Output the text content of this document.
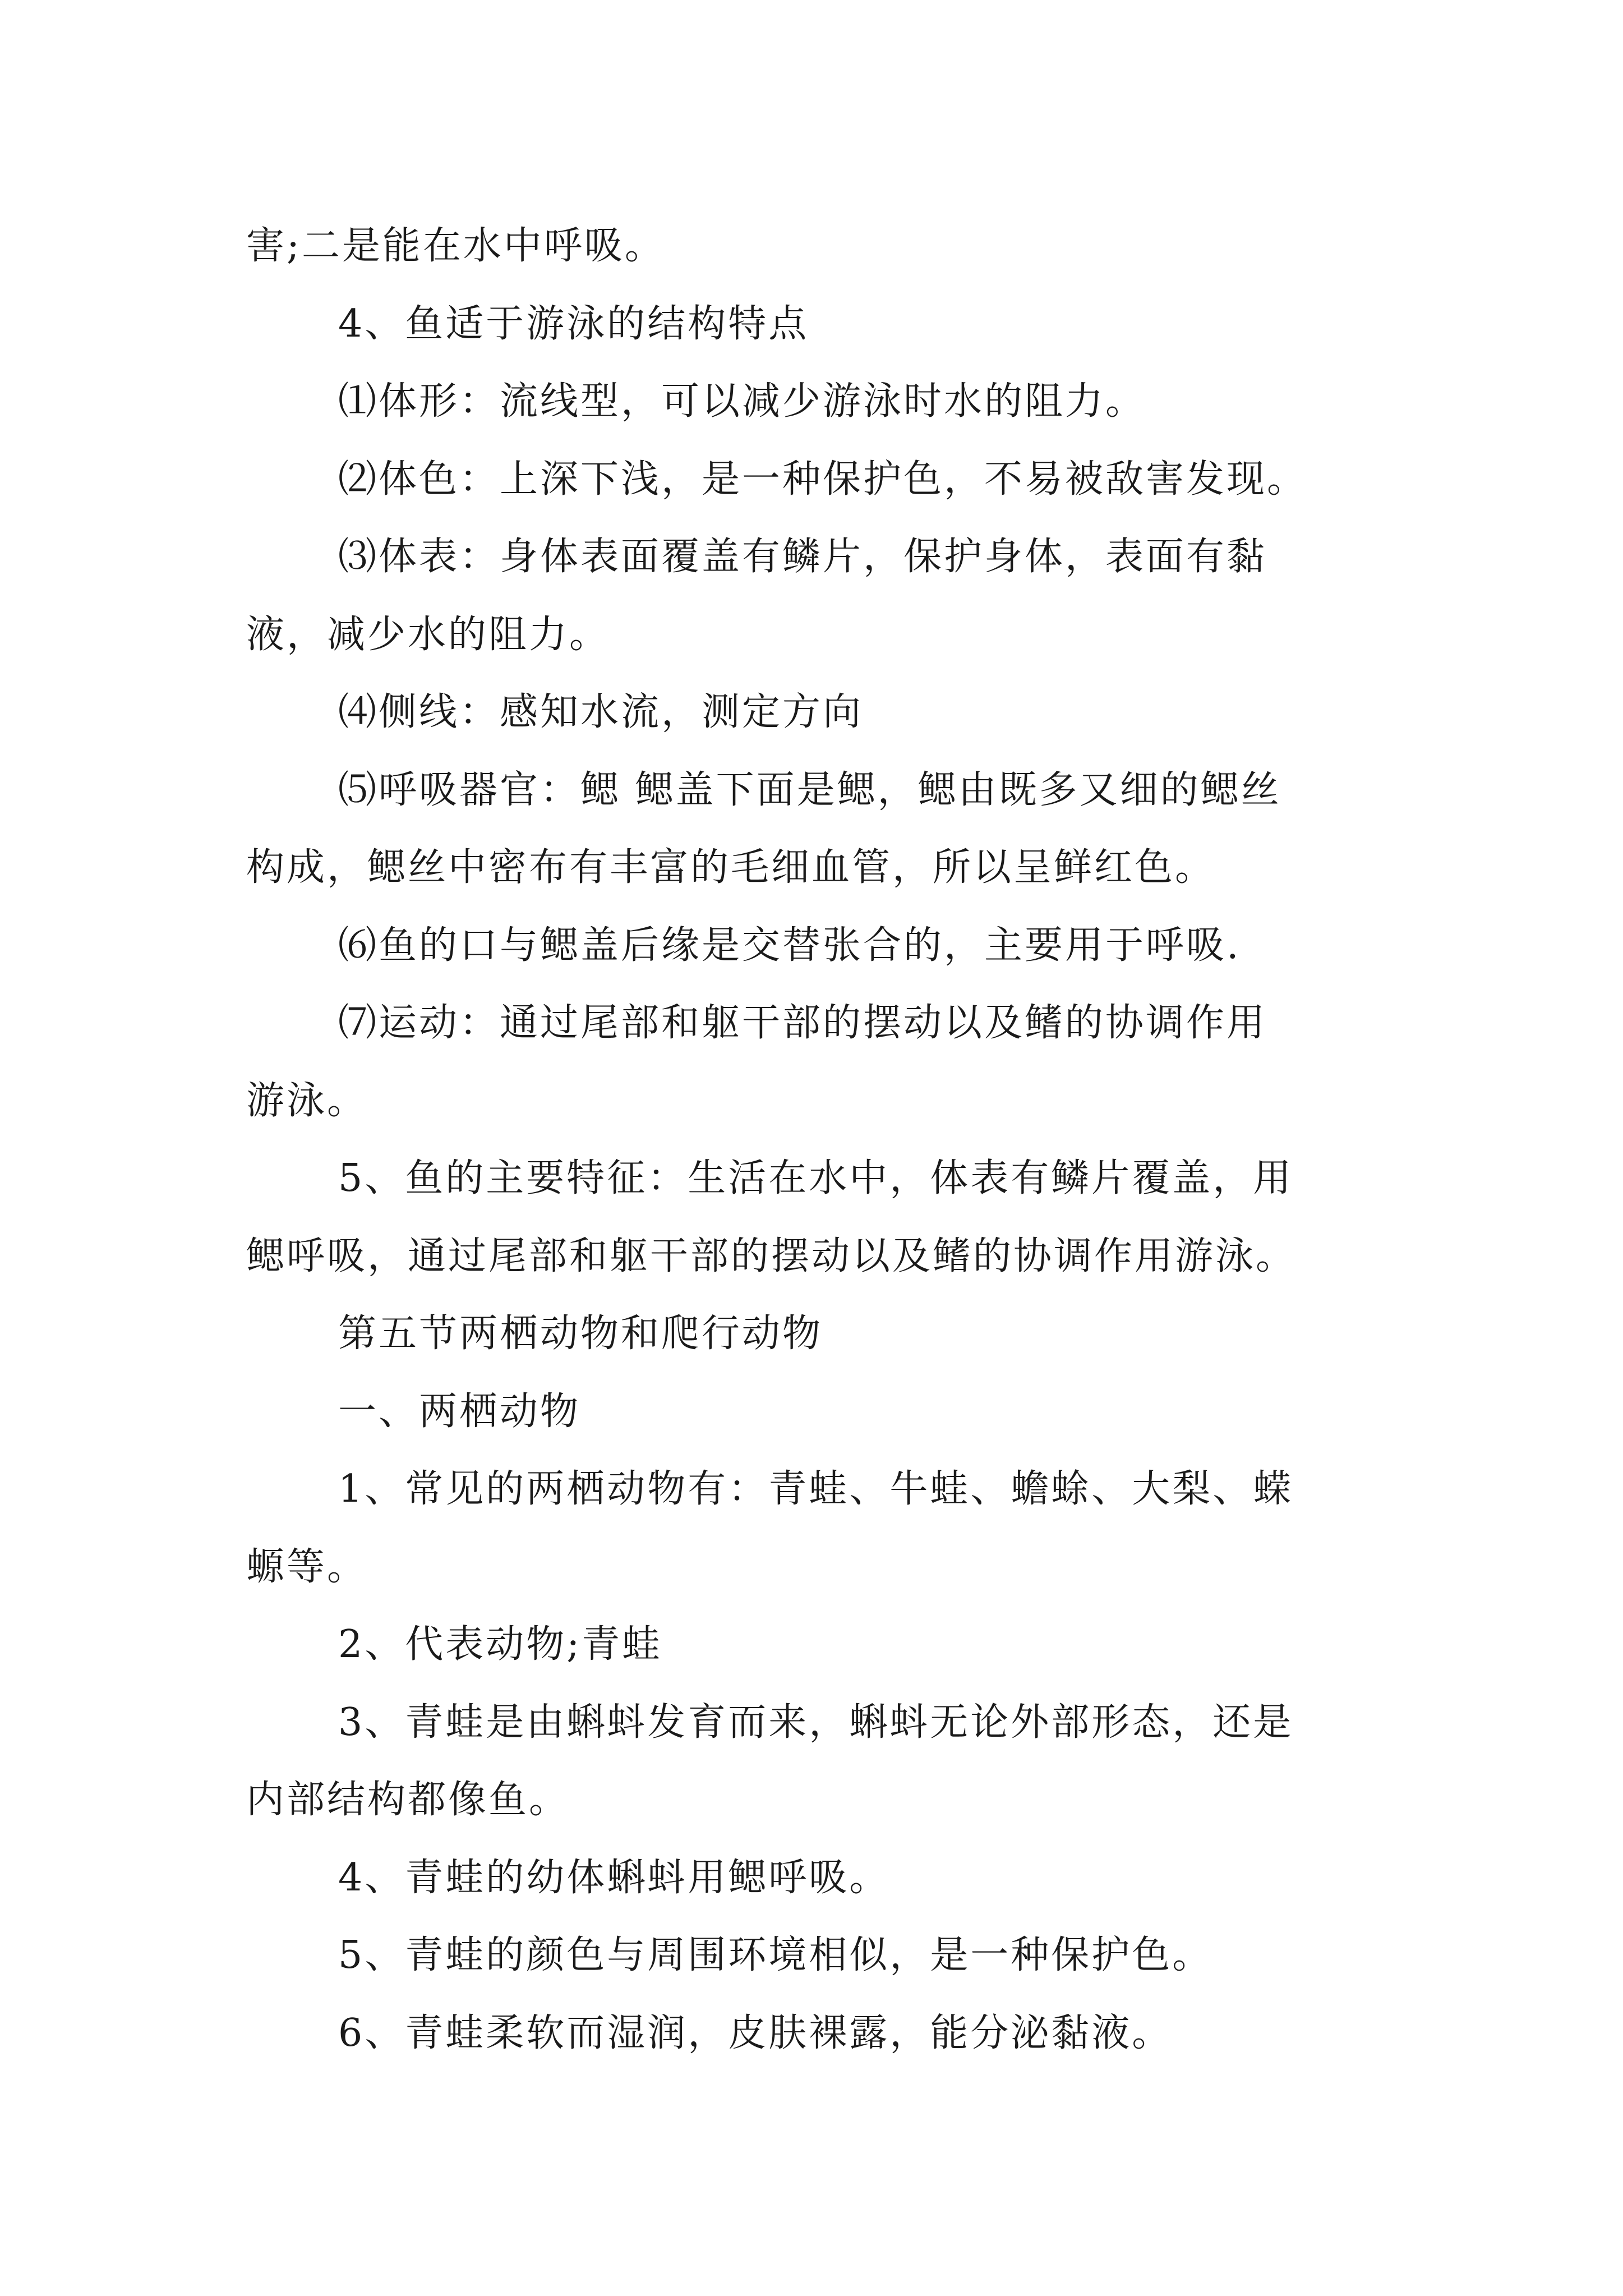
害;二是能在水中呼吸。
4、鱼适于游泳的结构特点
⑴体形：流线型，可以减少游泳时水的阻力。
⑵体色：上深下浅，是一种保护色，不易被敌害发现。
⑶体表：身体表面覆盖有鳞片，保护身体，表面有黏
液，减少水的阻力。
⑷侧线：感知水流，测定方向
⑸呼吸器官：鳃 鳃盖下面是鳃，鳃由既多又细的鳃丝
构成，鳃丝中密布有丰富的毛细血管，所以呈鲜红色。
⑹鱼的口与鳃盖后缘是交替张合的，主要用于呼吸.
⑺运动：通过尾部和躯干部的摆动以及鳍的协调作用
游泳。
5、鱼的主要特征：生活在水中，体表有鳞片覆盖，用
鳃呼吸，通过尾部和躯干部的摆动以及鳍的协调作用游泳。
第五节两栖动物和爬行动物
一、两栖动物
1、常见的两栖动物有：青蛙、牛蛙、蟾蜍、大梨、蝾
螈等。
2、代表动物;青蛙
3、青蛙是由蝌蚪发育而来，蝌蚪无论外部形态，还是
内部结构都像鱼。
4、青蛙的幼体蝌蚪用鳃呼吸。
5、青蛙的颜色与周围环境相似，是一种保护色。
6、青蛙柔软而湿润，皮肤裸露，能分泌黏液。
